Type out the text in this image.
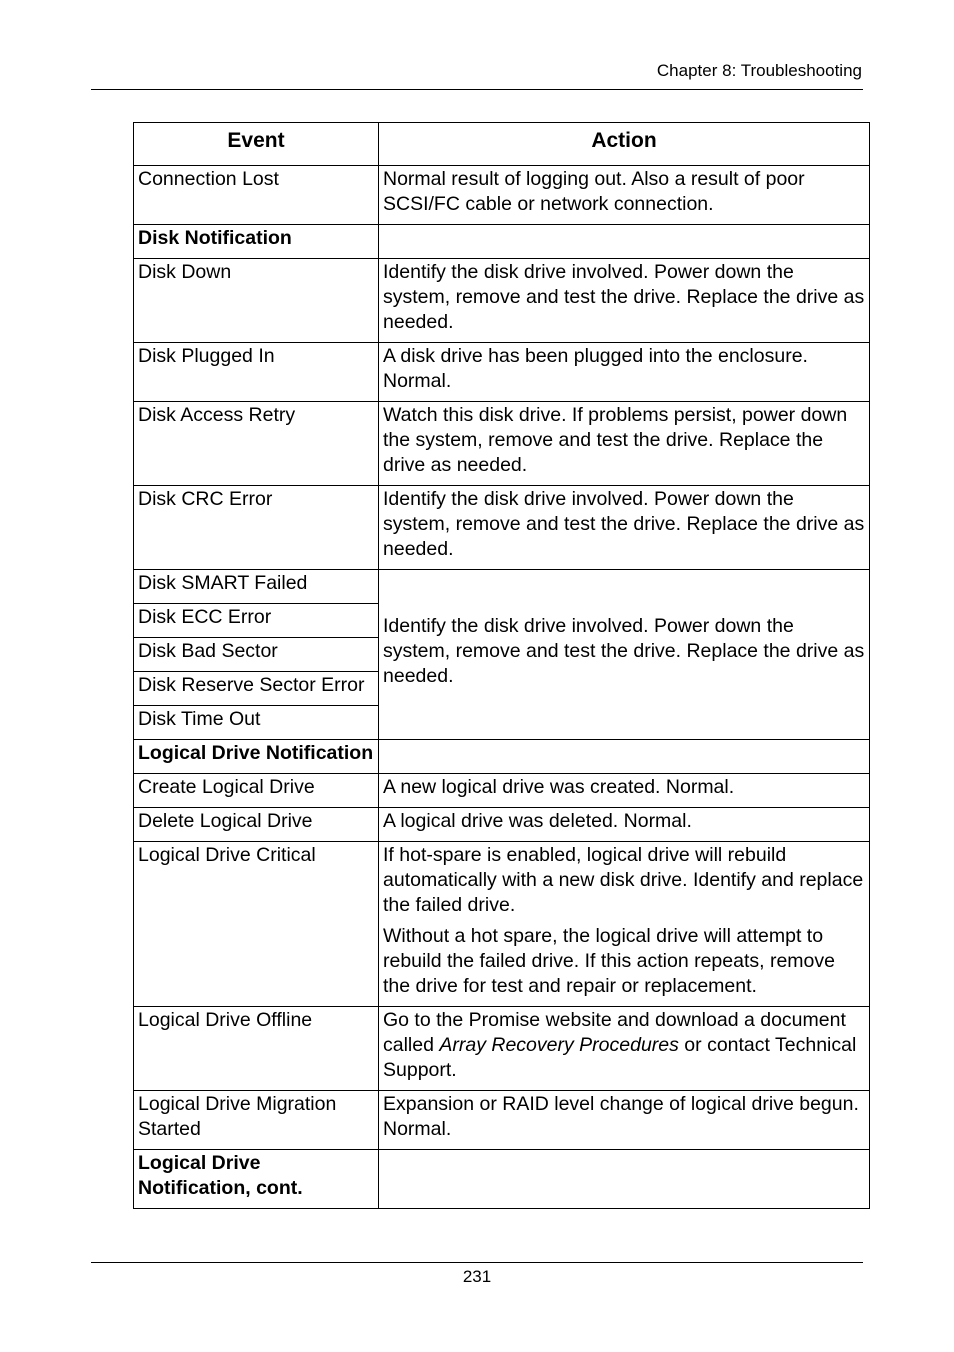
Chapter 8: Troubleshooting
Event	Action
Connection Lost	Normal result of logging out. Also a result of poor SCSI/FC cable or network connection.
Disk Notification	
Disk Down	Identify the disk drive involved. Power down the system, remove and test the drive. Replace the drive as needed.
Disk Plugged In	A disk drive has been plugged into the enclosure. Normal.
Disk Access Retry	Watch this disk drive. If problems persist, power down the system, remove and test the drive. Replace the drive as needed.
Disk CRC Error	Identify the disk drive involved. Power down the system, remove and test the drive. Replace the drive as needed.
Disk SMART Failed	Identify the disk drive involved. Power down the system, remove and test the drive. Replace the drive as needed.
Disk ECC Error	
Disk Bad Sector	
Disk Reserve Sector Error	
Disk Time Out	
Logical Drive Notification	
Create Logical Drive	A new logical drive was created. Normal.
Delete Logical Drive	A logical drive was deleted. Normal.
Logical Drive Critical	If hot-spare is enabled, logical drive will rebuild automatically with a new disk drive. Identify and replace the failed drive.
Without a hot spare, the logical drive will attempt to rebuild the failed drive. If this action repeats, remove the drive for test and repair or replacement.

Logical Drive Offline	Go to the Promise website and download a document called Array Recovery Procedures or contact Technical Support.
Logical Drive Migration Started	Expansion or RAID level change of logical drive begun. Normal.
Logical Drive Notification, cont.	
231
